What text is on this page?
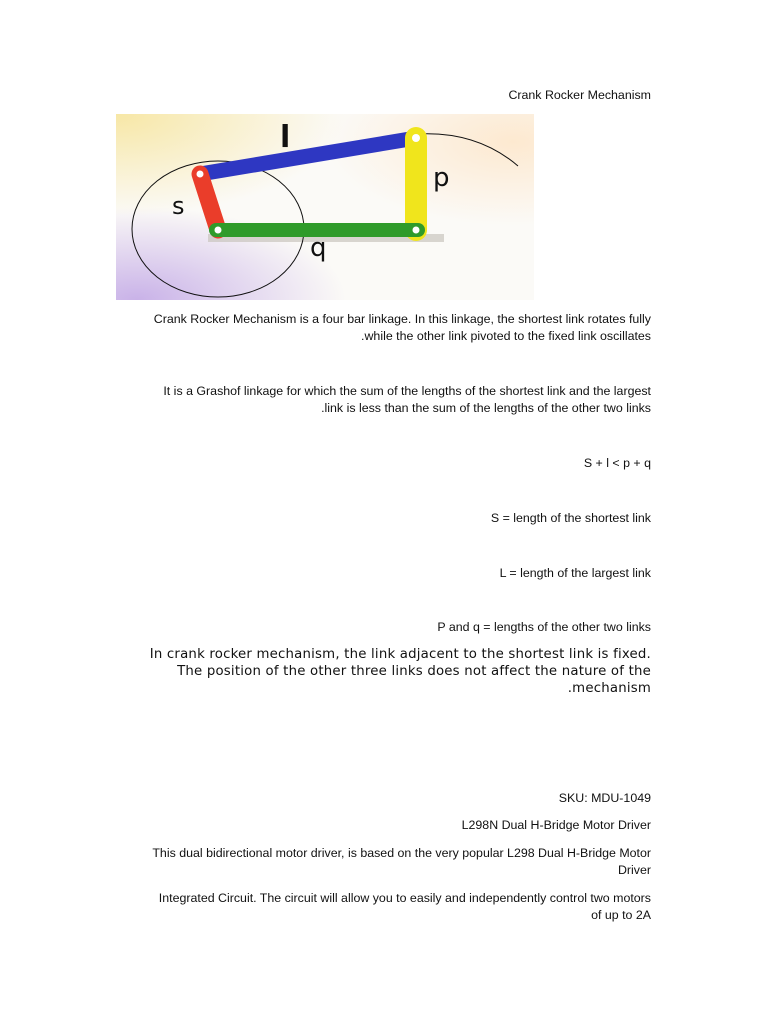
Crank Rocker Mechanism

l
p
s
q

Crank Rocker Mechanism is a four bar linkage. In this linkage, the shortest link rotates fully

.while the other link pivoted to the fixed link oscillates

It is a Grashof linkage for which the sum of the lengths of the shortest link and the largest

.link is less than the sum of the lengths of the other two links

S + l < p + q

S = length of the shortest link

L = length of the largest link

P and q = lengths of the other two links

In crank rocker mechanism, the link adjacent to the shortest link is fixed.

The position of the other three links does not affect the nature of the

.mechanism

SKU: MDU-1049

L298N Dual H-Bridge Motor Driver

This dual bidirectional motor driver, is based on the very popular L298 Dual H-Bridge Motor

Driver

Integrated Circuit. The circuit will allow you to easily and independently control two motors

of up to 2A
